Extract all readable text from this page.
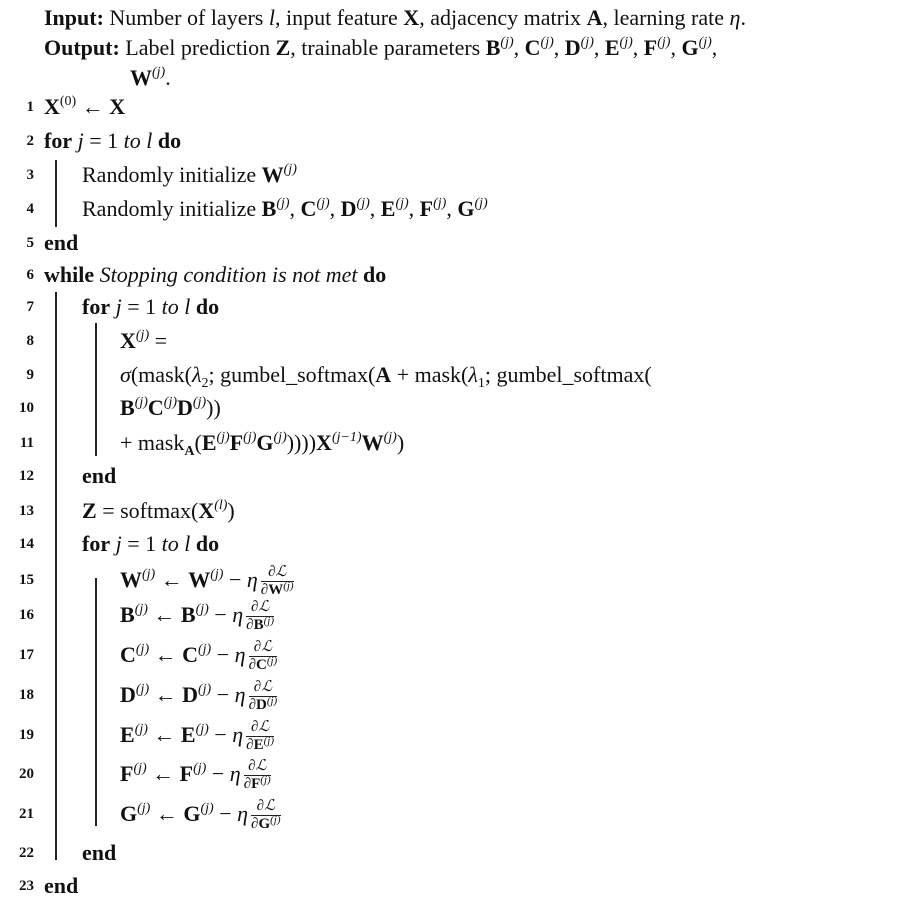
Input: Number of layers l, input feature X, adjacency matrix A, learning rate η.
Output: Label prediction Z, trainable parameters $B^{(j)}$, $C^{(j)}$, $D^{(j)}$, $E^{(j)}$, $F^{(j)}$, $G^{(j)}$,
$W^{(j)}$.
1 $X^{(0)}$ ← X
2 for j = 1 to l do
3 Randomly initialize $W^{(j)}$
4 Randomly initialize $B^{(j)}$, $C^{(j)}$, $D^{(j)}$, $E^{(j)}$, $F^{(j)}$, $G^{(j)}$
5 end
6 while Stopping condition is not met do
7 for j = 1 to l do
8	$X^{(j)}$ =
9	$\sigma(mask(\lambda_2$; gumbel_softmax(A + $mask(\lambda_1$; gumbel_softmax(
10	$B^{(j)}C^{(j)}D^{(j)}$))
11	+ $mask_A(E^{(j)}F^{(j)}G^{(j)}))))X^{(j-1)}W^{(j)}$)
12 end
13 $Z = softmax(X^{(l)})$
14 for j = 1 to l do
15	$W^{(j)}$ ← $W^{(j)} - \eta \frac{\text{∂ℒ}}{\partial W^{(j)}}$
16	$B^{(j)}$ ← $B^{(j)} - \eta \frac{\text{∂ℒ}}{\partial B^{(j)}}$
17	$C^{(j)}$ ← $C^{(j)} - \eta \frac{\text{∂ℒ}}{\partial C^{(j)}}$
18	$D^{(j)}$ ← $D^{(j)} - \eta \frac{\text{∂ℒ}}{\partial D^{(j)}}$
19	$E^{(j)}$ ← $E^{(j)} - \eta \frac{\text{∂ℒ}}{\partial E^{(j)}}$
20	$F^{(j)}$ ← $F^{(j)} - \eta \frac{\text{∂ℒ}}{\partial F^{(j)}}$
21	$G^{(j)}$ ← $G^{(j)} - \eta \frac{\text{∂ℒ}}{\partial G^{(j)}}$
22 end
23 end
